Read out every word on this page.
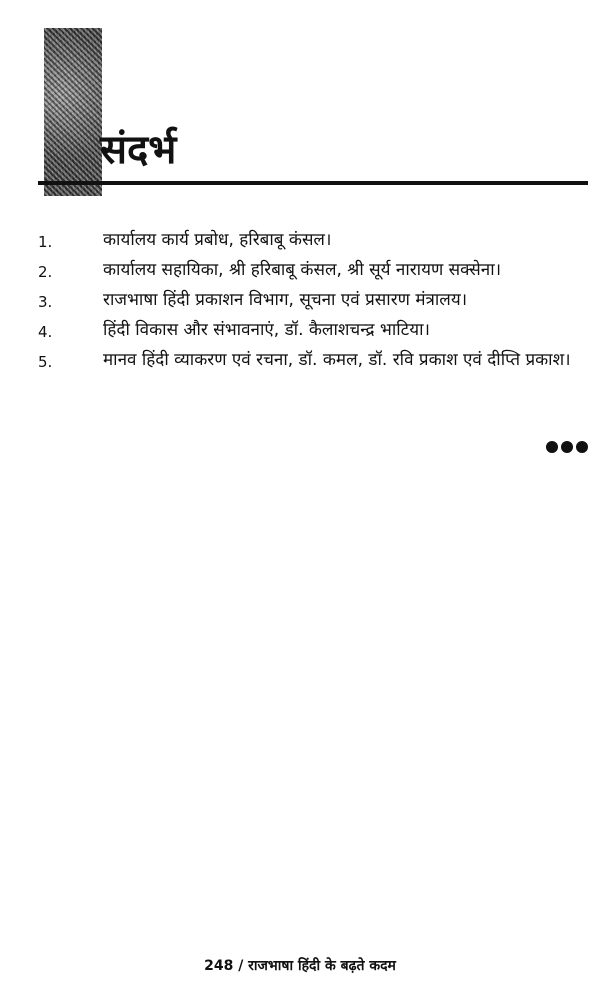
संदर्भ
1.	कार्यालय कार्य प्रबोध, हरिबाबू कंसल।
2.	कार्यालय सहायिका, श्री हरिबाबू कंसल, श्री सूर्य नारायण सक्सेना।
3.	राजभाषा हिंदी प्रकाशन विभाग, सूचना एवं प्रसारण मंत्रालय।
4.	हिंदी विकास और संभावनाएं, डॉ. कैलाशचन्द्र भाटिया।
5.	मानव हिंदी व्याकरण एवं रचना, डॉ. कमल, डॉ. रवि प्रकाश एवं दीप्ति प्रकाश।
248 / राजभाषा हिंदी के बढ़ते कदम
